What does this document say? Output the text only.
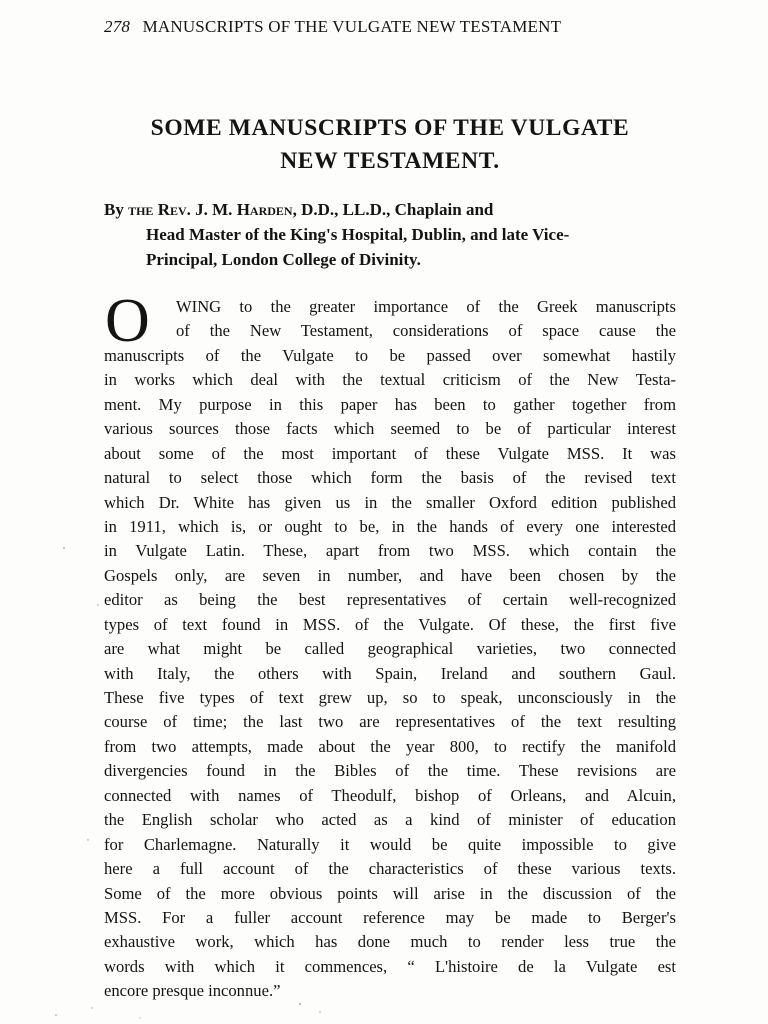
278 MANUSCRIPTS OF THE VULGATE NEW TESTAMENT
SOME MANUSCRIPTS OF THE VULGATE
NEW TESTAMENT.
By the Rev. J. M. Harden, D.D., LL.D., Chaplain and
Head Master of the King's Hospital, Dublin, and late Vice-
Principal, London College of Divinity.
O	WING to the greater importance of the Greek manuscripts
of the New Testament, considerations of space cause the
manuscripts of the Vulgate to be passed over somewhat hastily
in works which deal with the textual criticism of the New Testa-
ment. My purpose in this paper has been to gather together from
various sources those facts which seemed to be of particular interest
about some of the most important of these Vulgate MSS. It was
natural to select those which form the basis of the revised text
which Dr. White has given us in the smaller Oxford edition published
in 1911, which is, or ought to be, in the hands of every one interested
in Vulgate Latin. These, apart from two MSS. which contain the
Gospels only, are seven in number, and have been chosen by the
editor as being the best representatives of certain well-recognized
types of text found in MSS. of the Vulgate. Of these, the first five
are what might be called geographical varieties, two connected
with Italy, the others with Spain, Ireland and southern Gaul.
These five types of text grew up, so to speak, unconsciously in the
course of time; the last two are representatives of the text resulting
from two attempts, made about the year 800, to rectify the manifold
divergencies found in the Bibles of the time. These revisions are
connected with names of Theodulf, bishop of Orleans, and Alcuin,
the English scholar who acted as a kind of minister of education
for Charlemagne. Naturally it would be quite impossible to give
here a full account of the characteristics of these various texts.
Some of the more obvious points will arise in the discussion of the
MSS. For a fuller account reference may be made to Berger's
exhaustive work, which has done much to render less true the
words with which it commences, “ L'histoire de la Vulgate est
encore presque inconnue.”
